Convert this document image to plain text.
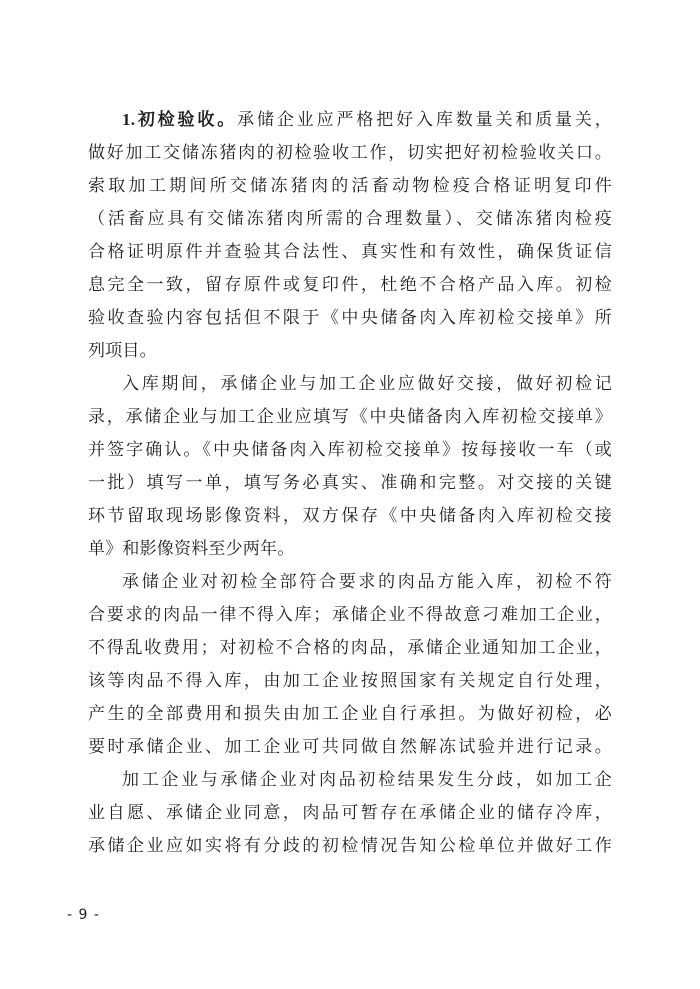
1.初检验收。承储企业应严格把好入库数量关和质量关，
做好加工交储冻猪肉的初检验收工作，切实把好初检验收关口。
索取加工期间所交储冻猪肉的活畜动物检疫合格证明复印件
（活畜应具有交储冻猪肉所需的合理数量）、交储冻猪肉检疫
合格证明原件并查验其合法性、真实性和有效性，确保货证信
息完全一致，留存原件或复印件，杜绝不合格产品入库。初检
验收查验内容包括但不限于《中央储备肉入库初检交接单》所
列项目。
入库期间，承储企业与加工企业应做好交接，做好初检记
录，承储企业与加工企业应填写《中央储备肉入库初检交接单》
并签字确认。《中央储备肉入库初检交接单》按每接收一车（或
一批）填写一单，填写务必真实、准确和完整。对交接的关键
环节留取现场影像资料，双方保存《中央储备肉入库初检交接
单》和影像资料至少两年。
承储企业对初检全部符合要求的肉品方能入库，初检不符
合要求的肉品一律不得入库；承储企业不得故意刁难加工企业，
不得乱收费用；对初检不合格的肉品，承储企业通知加工企业，
该等肉品不得入库，由加工企业按照国家有关规定自行处理，
产生的全部费用和损失由加工企业自行承担。为做好初检，必
要时承储企业、加工企业可共同做自然解冻试验并进行记录。
加工企业与承储企业对肉品初检结果发生分歧，如加工企
业自愿、承储企业同意，肉品可暂存在承储企业的储存冷库，
承储企业应如实将有分歧的初检情况告知公检单位并做好工作
- 9 -
